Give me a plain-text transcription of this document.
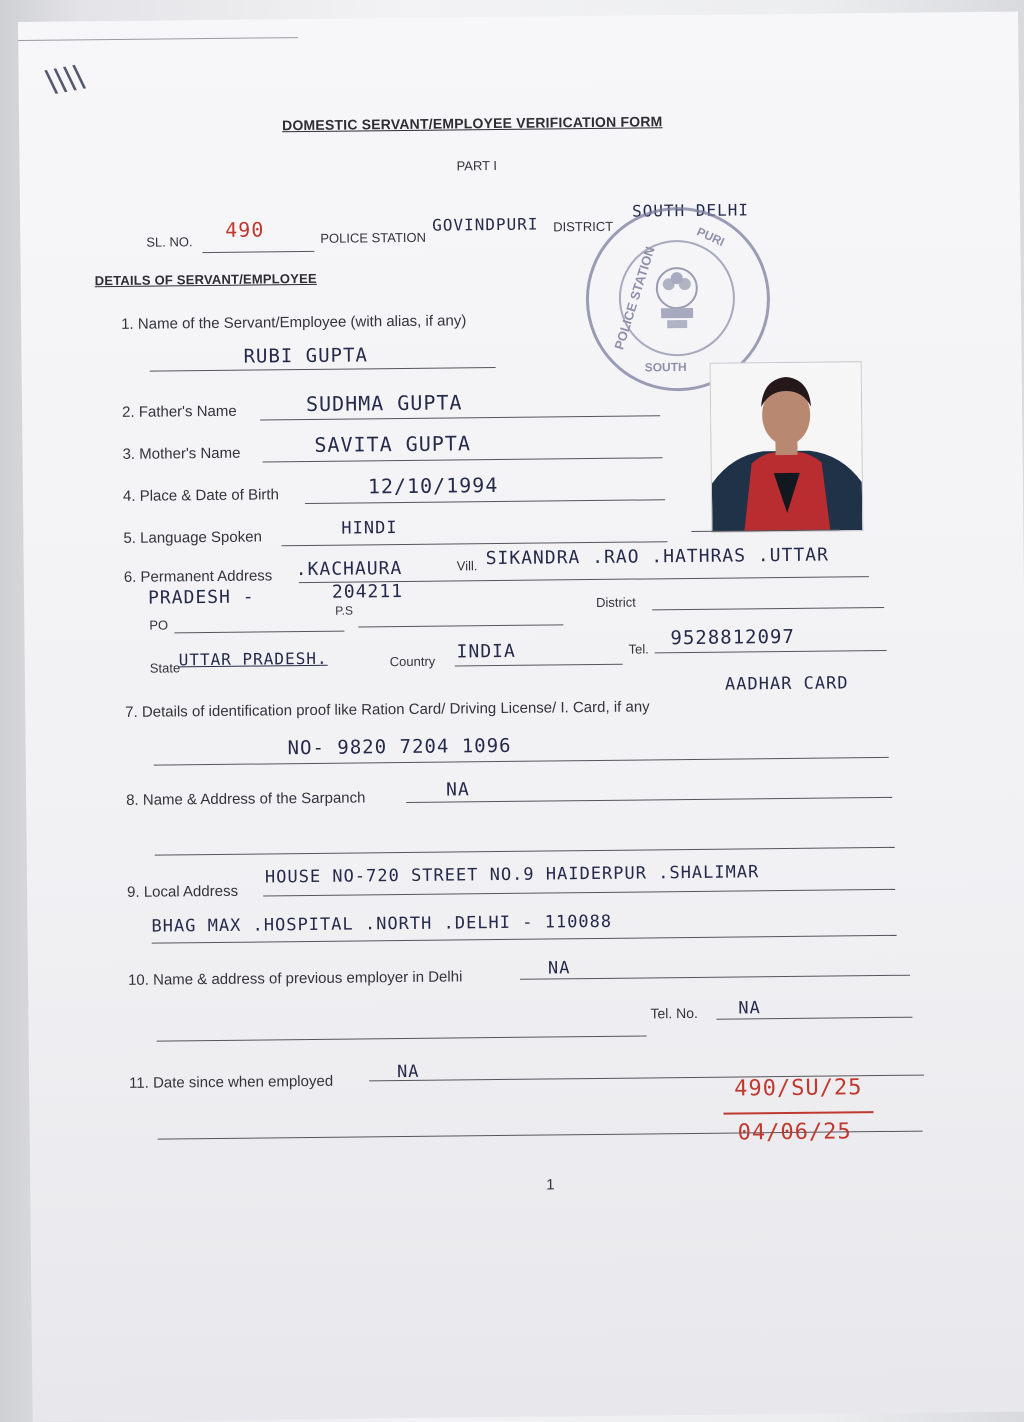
\\\\
DOMESTIC SERVANT/EMPLOYEE VERIFICATION FORM
PART I
SL. NO.
490	POLICE STATION
GOVINDPURI DISTRICT
SOUTH DELHI
DETAILS OF SERVANT/EMPLOYEE	POLICE STATION
PURI
SOUTH
1. Name of the Servant/Employee (with alias, if any)
RUBI GUPTA
2. Father's Name	SUDHMA GUPTA
3. Mother's Name	SAVITA GUPTA
4. Place & Date of Birth	12/10/1994
5. Language Spoken	HINDI
6. Permanent Address .KACHAURA	Vill. SIKANDRA .RAO .HATHRAS .UTTAR
PRADESH -	204211
PO
P.S
District
State
UTTAR PRADESH.	Country INDIA	Tel. 9528812097
7. Details of identification proof like Ration Card/ Driving License/ I. Card, if any
AADHAR CARD
NO- 9820 7204 1096
8. Name & Address of the Sarpanch	NA
9. Local Address
HOUSE NO-720 STREET NO.9 HAIDERPUR .SHALIMAR
BHAG MAX .HOSPITAL .NORTH .DELHI - 110088
10. Name & address of previous employer in Delhi
NA
Tel. No. NA
11. Date since when employed
NA
490/SU/25
04/06/25
1
